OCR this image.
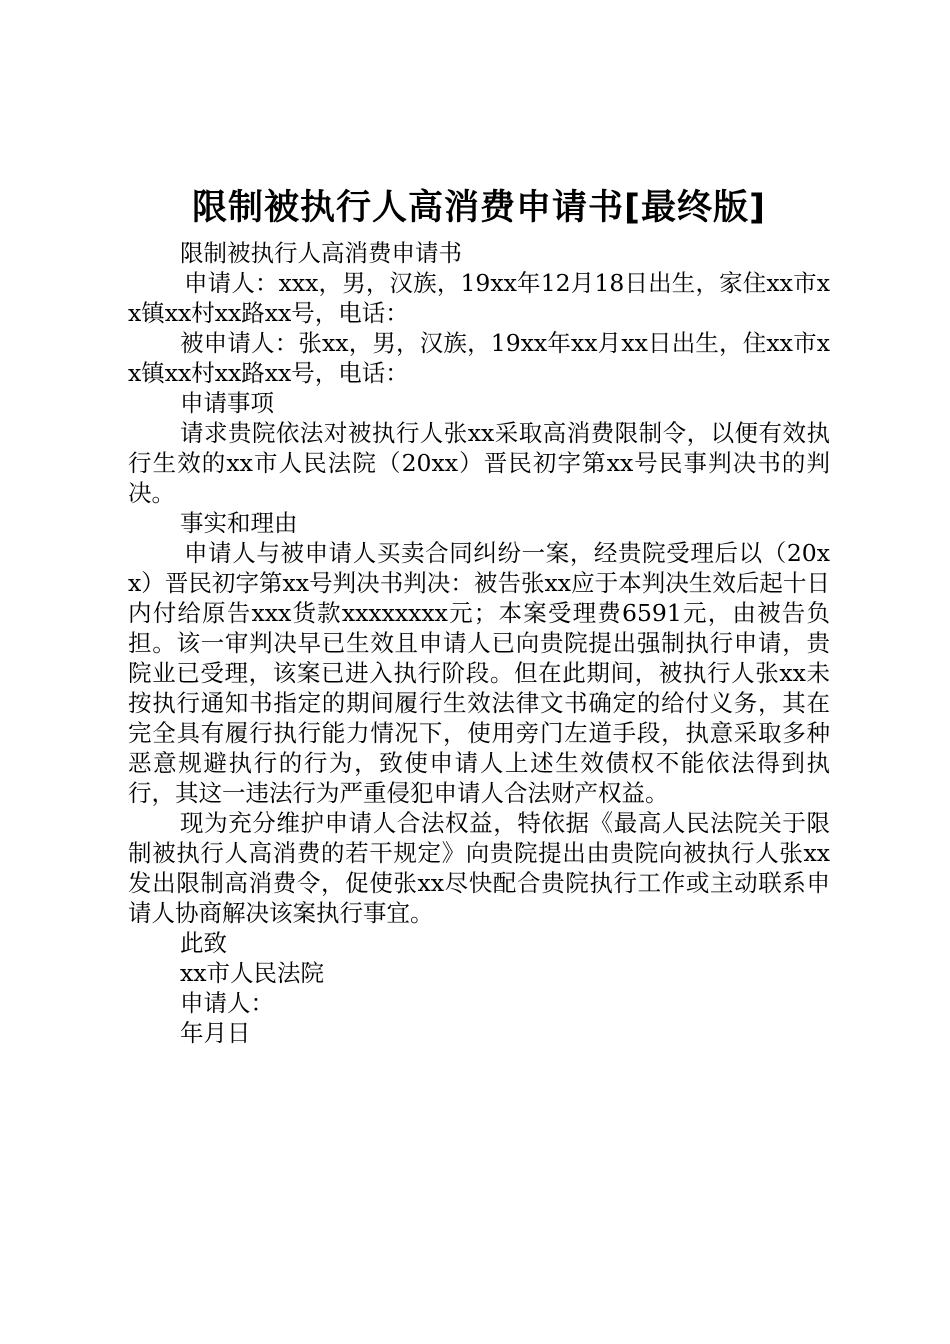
限制被执行人高消费申请书[最终版]

限制被执行人高消费申请书

申请人：xxx，男，汉族，19xx年12月18日出生，家住xx市xx镇xx村xx路xx号，电话：

被申请人：张xx，男，汉族，19xx年xx月xx日出生，住xx市xx镇xx村xx路xx号，电话：

申请事项

请求贵院依法对被执行人张xx采取高消费限制令，以便有效执行生效的xx市人民法院（20xx）晋民初字第xx号民事判决书的判决。

事实和理由

申请人与被申请人买卖合同纠纷一案，经贵院受理后以（20xx）晋民初字第xx号判决书判决：被告张xx应于本判决生效后起十日内付给原告xxx货款xxxxxxxx元；本案受理费6591元，由被告负担。该一审判决早已生效且申请人已向贵院提出强制执行申请，贵院业已受理，该案已进入执行阶段。但在此期间，被执行人张xx未按执行通知书指定的期间履行生效法律文书确定的给付义务，其在完全具有履行执行能力情况下，使用旁门左道手段，执意采取多种恶意规避执行的行为，致使申请人上述生效债权不能依法得到执行，其这一违法行为严重侵犯申请人合法财产权益。

现为充分维护申请人合法权益，特依据《最高人民法院关于限制被执行人高消费的若干规定》向贵院提出由贵院向被执行人张xx发出限制高消费令，促使张xx尽快配合贵院执行工作或主动联系申请人协商解决该案执行事宜。

此致

xx市人民法院

申请人：

年月日
